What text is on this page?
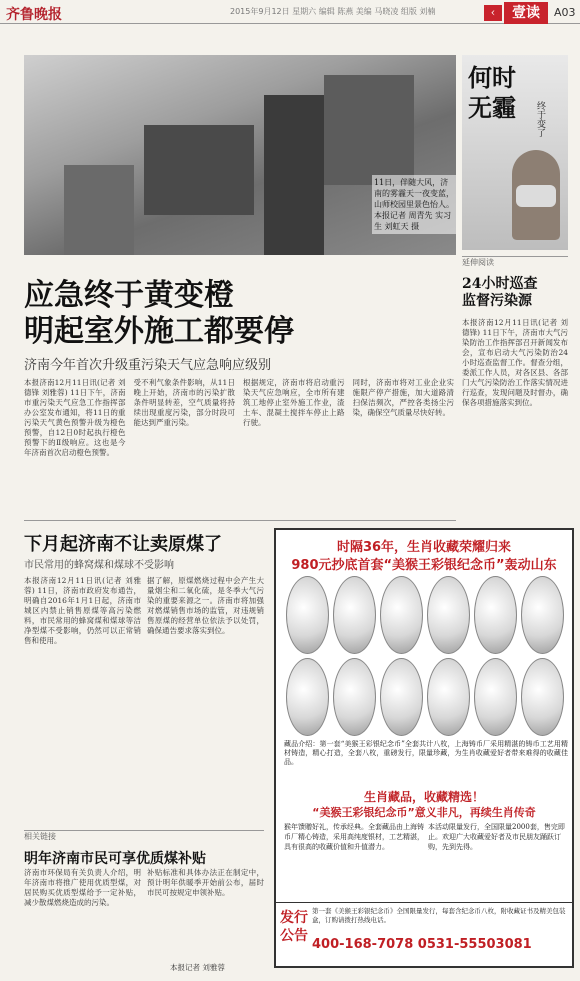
齐鲁晚报	2015年9月12日 星期六 编辑 陈燕 美编 马晓凌 组版 刘楠	‹	壹读	A03
11日，伴随大风，济南的雾霾天一夜变蓝，山师校园里景色怡人。本报记者 周青先 实习生 刘虹天 摄
何时无霾	终于变了
延伸阅读
24小时巡查
监督污染源
本报济南12月11日讯(记者 刘德锋) 11日下午，济南市大气污染防治工作指挥部召开新闻发布会，宣布启动大气污染防治24小时巡查监督工作。督查分组，委派工作人员，对各区县、各部门大气污染防治工作落实情况进行巡查，发现问题及时督办，确保各项措施落实到位。
应急终于黄变橙
明起室外施工都要停
济南今年首次升级重污染天气应急响应级别
本报济南12月11日讯(记者 刘德锋 刘雅蓉) 11日下午，济南市重污染天气应急工作指挥部办公室发布通知，将11日的重污染天气黄色预警升级为橙色预警，自12日0时起执行橙色预警下的Ⅱ级响应。这也是今年济南首次启动橙色预警。
受不利气象条件影响，从11日晚上开始，济南市的污染扩散条件明显转差，空气质量将持续出现重度污染，部分时段可能达到严重污染。
根据规定，济南市将启动重污染天气应急响应，全市所有建筑工地停止室外施工作业，渣土车、混凝土搅拌车停止上路行驶。
同时，济南市将对工业企业实施限产停产措施，加大道路清扫保洁频次，严控各类扬尘污染，确保空气质量尽快好转。
下月起济南不让卖原煤了
市民常用的蜂窝煤和煤球不受影响
本报济南12月11日讯(记者 刘雅蓉) 11日，济南市政府发布通告，明确自2016年1月1日起，济南市城区内禁止销售原煤等高污染燃料，市民常用的蜂窝煤和煤球等洁净型煤不受影响，仍然可以正常销售和使用。
据了解，原煤燃烧过程中会产生大量烟尘和二氧化硫，是冬季大气污染的重要来源之一。济南市将加强对燃煤销售市场的监管，对违规销售原煤的经营单位依法予以处罚，确保通告要求落实到位。
相关链接
明年济南市民可享优质煤补贴
济南市环保局有关负责人介绍，明年济南市将推广使用优质型煤，对居民购买优质型煤给予一定补贴，减少散煤燃烧造成的污染。
补贴标准和具体办法正在制定中，预计明年供暖季开始前公布，届时市民可按规定申领补贴。
本报记者 刘雅蓉
时隔36年，生肖收藏荣耀归来
980元抄底首套“美猴王彩银纪念币”轰动山东
藏品介绍：第一套“美猴王彩银纪念币”全套共计八枚，上海铸币厂采用精湛的铸币工艺用精材铸造，精心打造，全套八枚，重磅发行，限量珍藏，为生肖收藏爱好者带来难得的收藏佳品。
生肖藏品，收藏精选！
“美猴王彩银纪念币”意义非凡，再续生肖传奇
猴年馈贈好礼，传承经典。全套藏品由上海铸币厂精心铸造，采用高纯度银材，工艺精湛，具有很高的收藏价值和升值潜力。
本活动限量发行，全国限量2000套，售完即止。欢迎广大收藏爱好者及市民朋友踊跃订购，先到先得。
发行公告
第一套《美猴王彩银纪念币》全国限量发行，每套含纪念币八枚，附收藏证书及精美包装盒，订购请拨打热线电话。
400-168-7078 0531-55503081
